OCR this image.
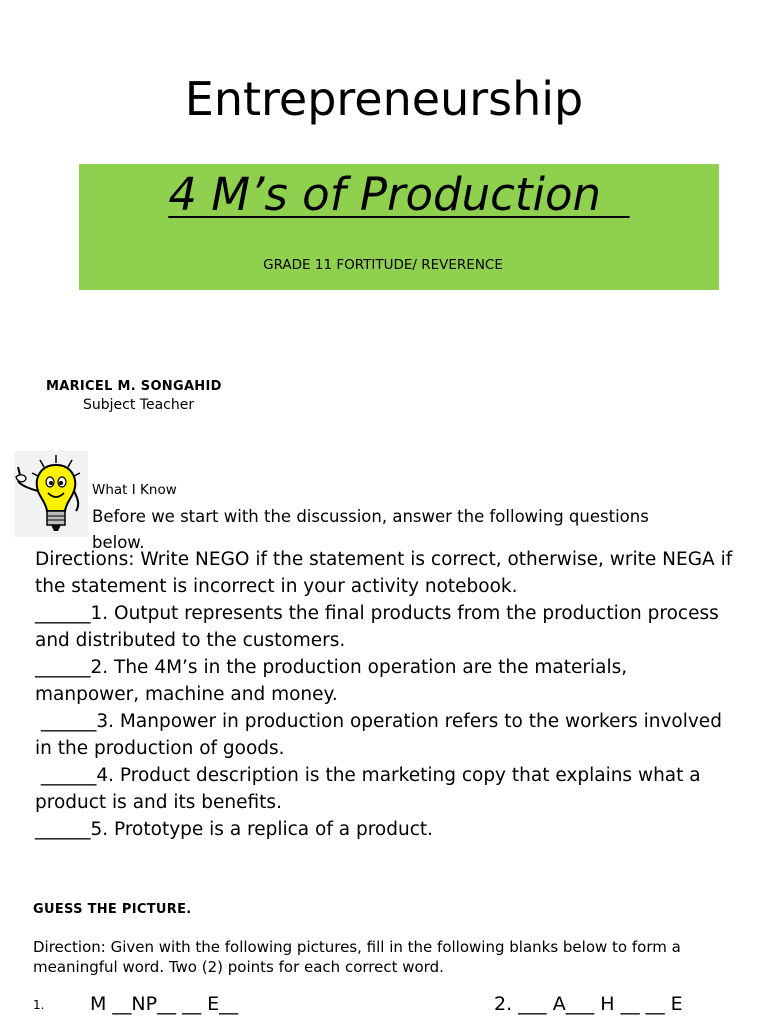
Entrepreneurship
4 M’s of Production
GRADE 11 FORTITUDE/ REVERENCE
MARICEL M. SONGAHID
Subject Teacher
What I Know
Before we start with the discussion, answer the following questions below.

Directions: Write NEGO if the statement is correct, otherwise, write NEGA if the statement is incorrect in your activity notebook.

______1. Output represents the final products from the production process and distributed to the customers.

______2. The 4M’s in the production operation are the materials, manpower, machine and money.

______3. Manpower in production operation refers to the workers involved in the production of goods.

______4. Product description is the marketing copy that explains what a product is and its benefits.

______5. Prototype is a replica of a product.

GUESS THE PICTURE.
Direction: Given with the following pictures, fill in the following blanks below to form a meaningful word. Two (2) points for each correct word.
1. M __NP__ __ E__	2. ___ A___ H __ __ E
